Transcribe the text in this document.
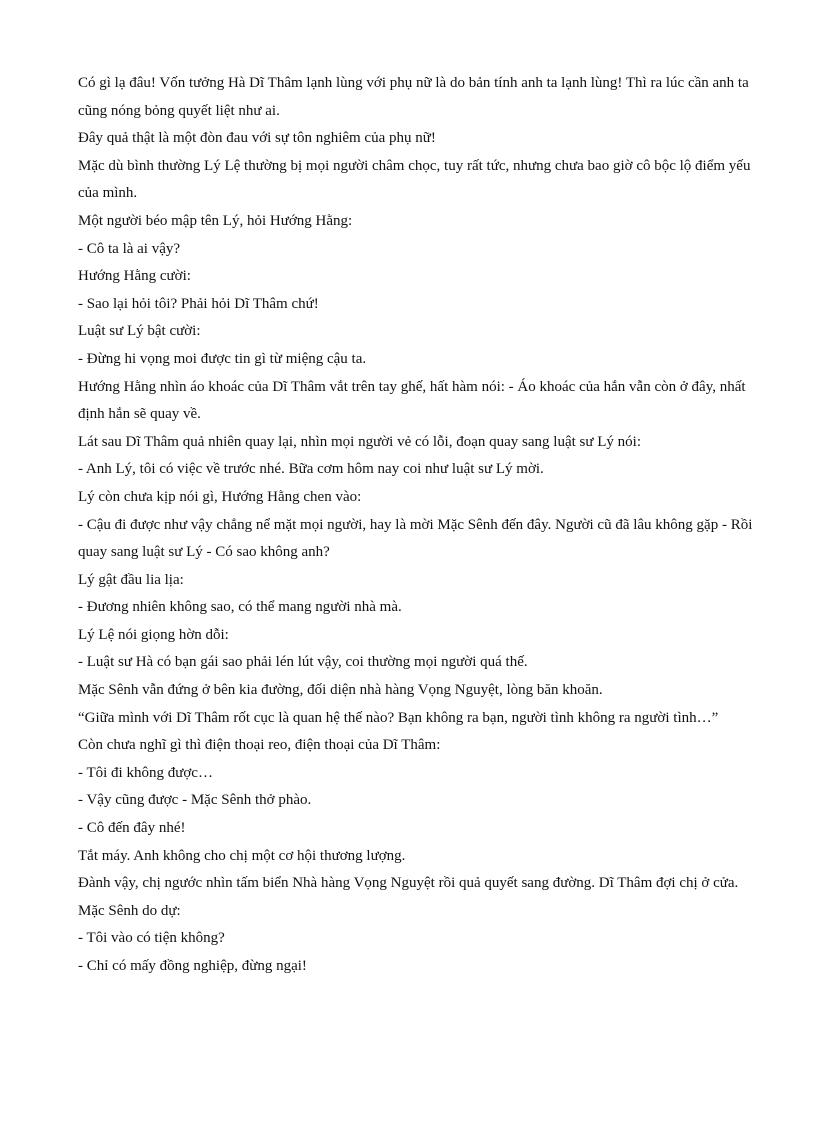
Có gì lạ đâu! Vốn tưởng Hà Dĩ Thâm lạnh lùng với phụ nữ là do bản tính anh ta lạnh lùng! Thì ra lúc cần anh ta cũng nóng bỏng quyết liệt như ai.

Đây quả thật là một đòn đau với sự tôn nghiêm của phụ nữ!

Mặc dù bình thường Lý Lệ thường bị mọi người châm chọc, tuy rất tức, nhưng chưa bao giờ cô bộc lộ điểm yếu của mình.

Một người béo mập tên Lý, hỏi Hướng Hằng:

- Cô ta là ai vậy?

Hướng Hằng cười:

- Sao lại hỏi tôi? Phải hỏi Dĩ Thâm chứ!

Luật sư Lý bật cười:

- Đừng hi vọng moi được tin gì từ miệng cậu ta.

Hướng Hằng nhìn áo khoác của Dĩ Thâm vắt trên tay ghế, hất hàm nói: - Áo khoác của hắn vẫn còn ở đây, nhất định hắn sẽ quay về.

Lát sau Dĩ Thâm quả nhiên quay lại, nhìn mọi người vẻ có lỗi, đoạn quay sang luật sư Lý nói:

- Anh Lý, tôi có việc về trước nhé. Bữa cơm hôm nay coi như luật sư Lý mời.

Lý còn chưa kịp nói gì, Hướng Hằng chen vào:

- Cậu đi được như vậy chẳng nể mặt mọi người, hay là mời Mặc Sênh đến đây. Người cũ đã lâu không gặp - Rồi quay sang luật sư Lý - Có sao không anh?

Lý gật đầu lia lịa:

- Đương nhiên không sao, có thể mang người nhà mà.

Lý Lệ nói giọng hờn dỗi:

- Luật sư Hà có bạn gái sao phải lén lút vậy, coi thường mọi người quá thế.

Mặc Sênh vẫn đứng ở bên kia đường, đối diện nhà hàng Vọng Nguyệt, lòng băn khoăn.

“Giữa mình với Dĩ Thâm rốt cục là quan hệ thế nào? Bạn không ra bạn, người tình không ra người tình…”

Còn chưa nghĩ gì thì điện thoại reo, điện thoại của Dĩ Thâm:

- Tôi đi không được…

- Vậy cũng được - Mặc Sênh thở phào.

- Cô đến đây nhé!

Tắt máy. Anh không cho chị một cơ hội thương lượng.

Đành vậy, chị ngước nhìn tấm biển Nhà hàng Vọng Nguyệt rồi quả quyết sang đường. Dĩ Thâm đợi chị ở cửa.

Mặc Sênh do dự:

- Tôi vào có tiện không?

- Chỉ có mấy đồng nghiệp, đừng ngại!
